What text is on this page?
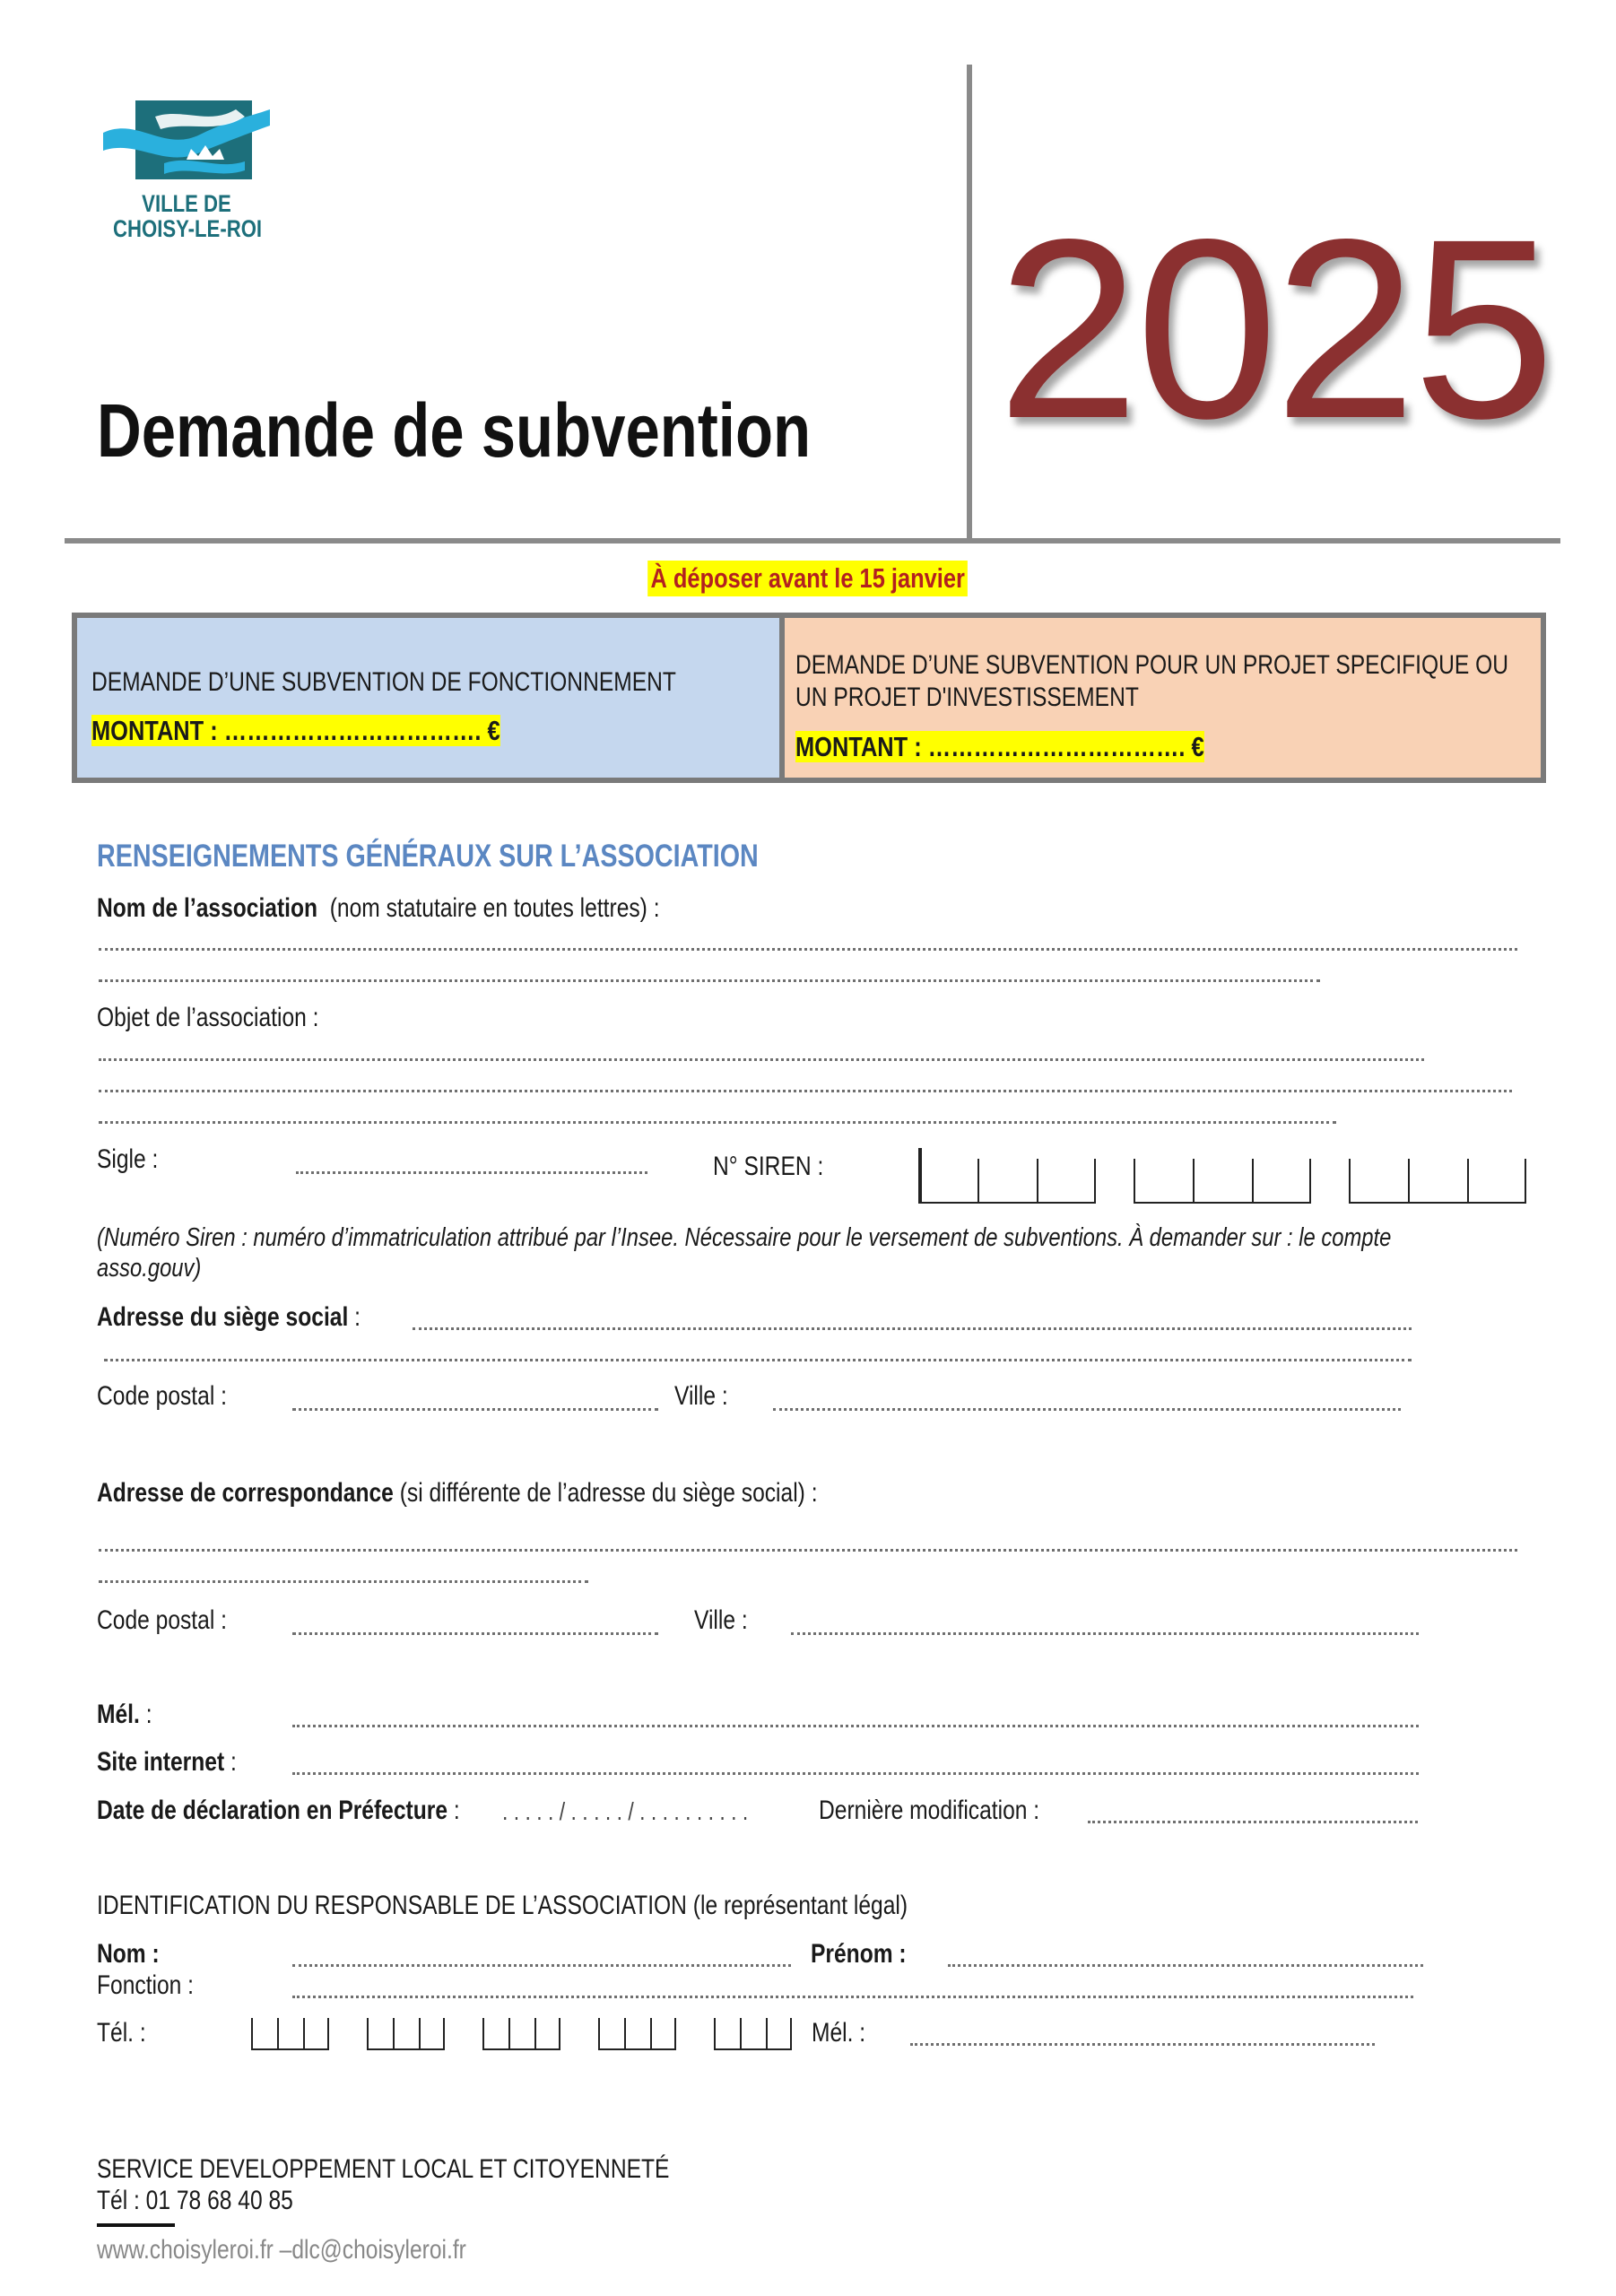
VILLE DE
CHOISY-LE-ROI
Demande de subvention 2025
À déposer avant le 15 janvier
DEMANDE D’UNE SUBVENTION DE FONCTIONNEMENT
MONTANT : ……………………………. €
DEMANDE D’UNE SUBVENTION POUR UN PROJET SPECIFIQUE OU
UN PROJET D'INVESTISSEMENT
MONTANT : ……………………………. €
RENSEIGNEMENTS GÉNÉRAUX SUR L’ASSOCIATION
Nom de l’association (nom statutaire en toutes lettres) :
Objet de l’association :
Sigle :	N° SIREN :
(Numéro Siren : numéro d’immatriculation attribué par l’Insee. Nécessaire pour le versement de subventions. À demander sur : le compte
asso.gouv)
Adresse du siège social :
Code postal :	Ville :
Adresse de correspondance (si différente de l’adresse du siège social) :
Code postal :	Ville :
Mél. :
Site internet :
Date de déclaration en Préfecture : . . . . . / . . . . . / . . . . . . . . . .	Dernière modification :
IDENTIFICATION DU RESPONSABLE DE L’ASSOCIATION (le représentant légal)
Nom :	Prénom :
Fonction :
Tél. :	Mél. :
SERVICE DEVELOPPEMENT LOCAL ET CITOYENNETÉ
Tél : 01 78 68 40 85
www.choisyleroi.fr –dlc@choisyleroi.fr
